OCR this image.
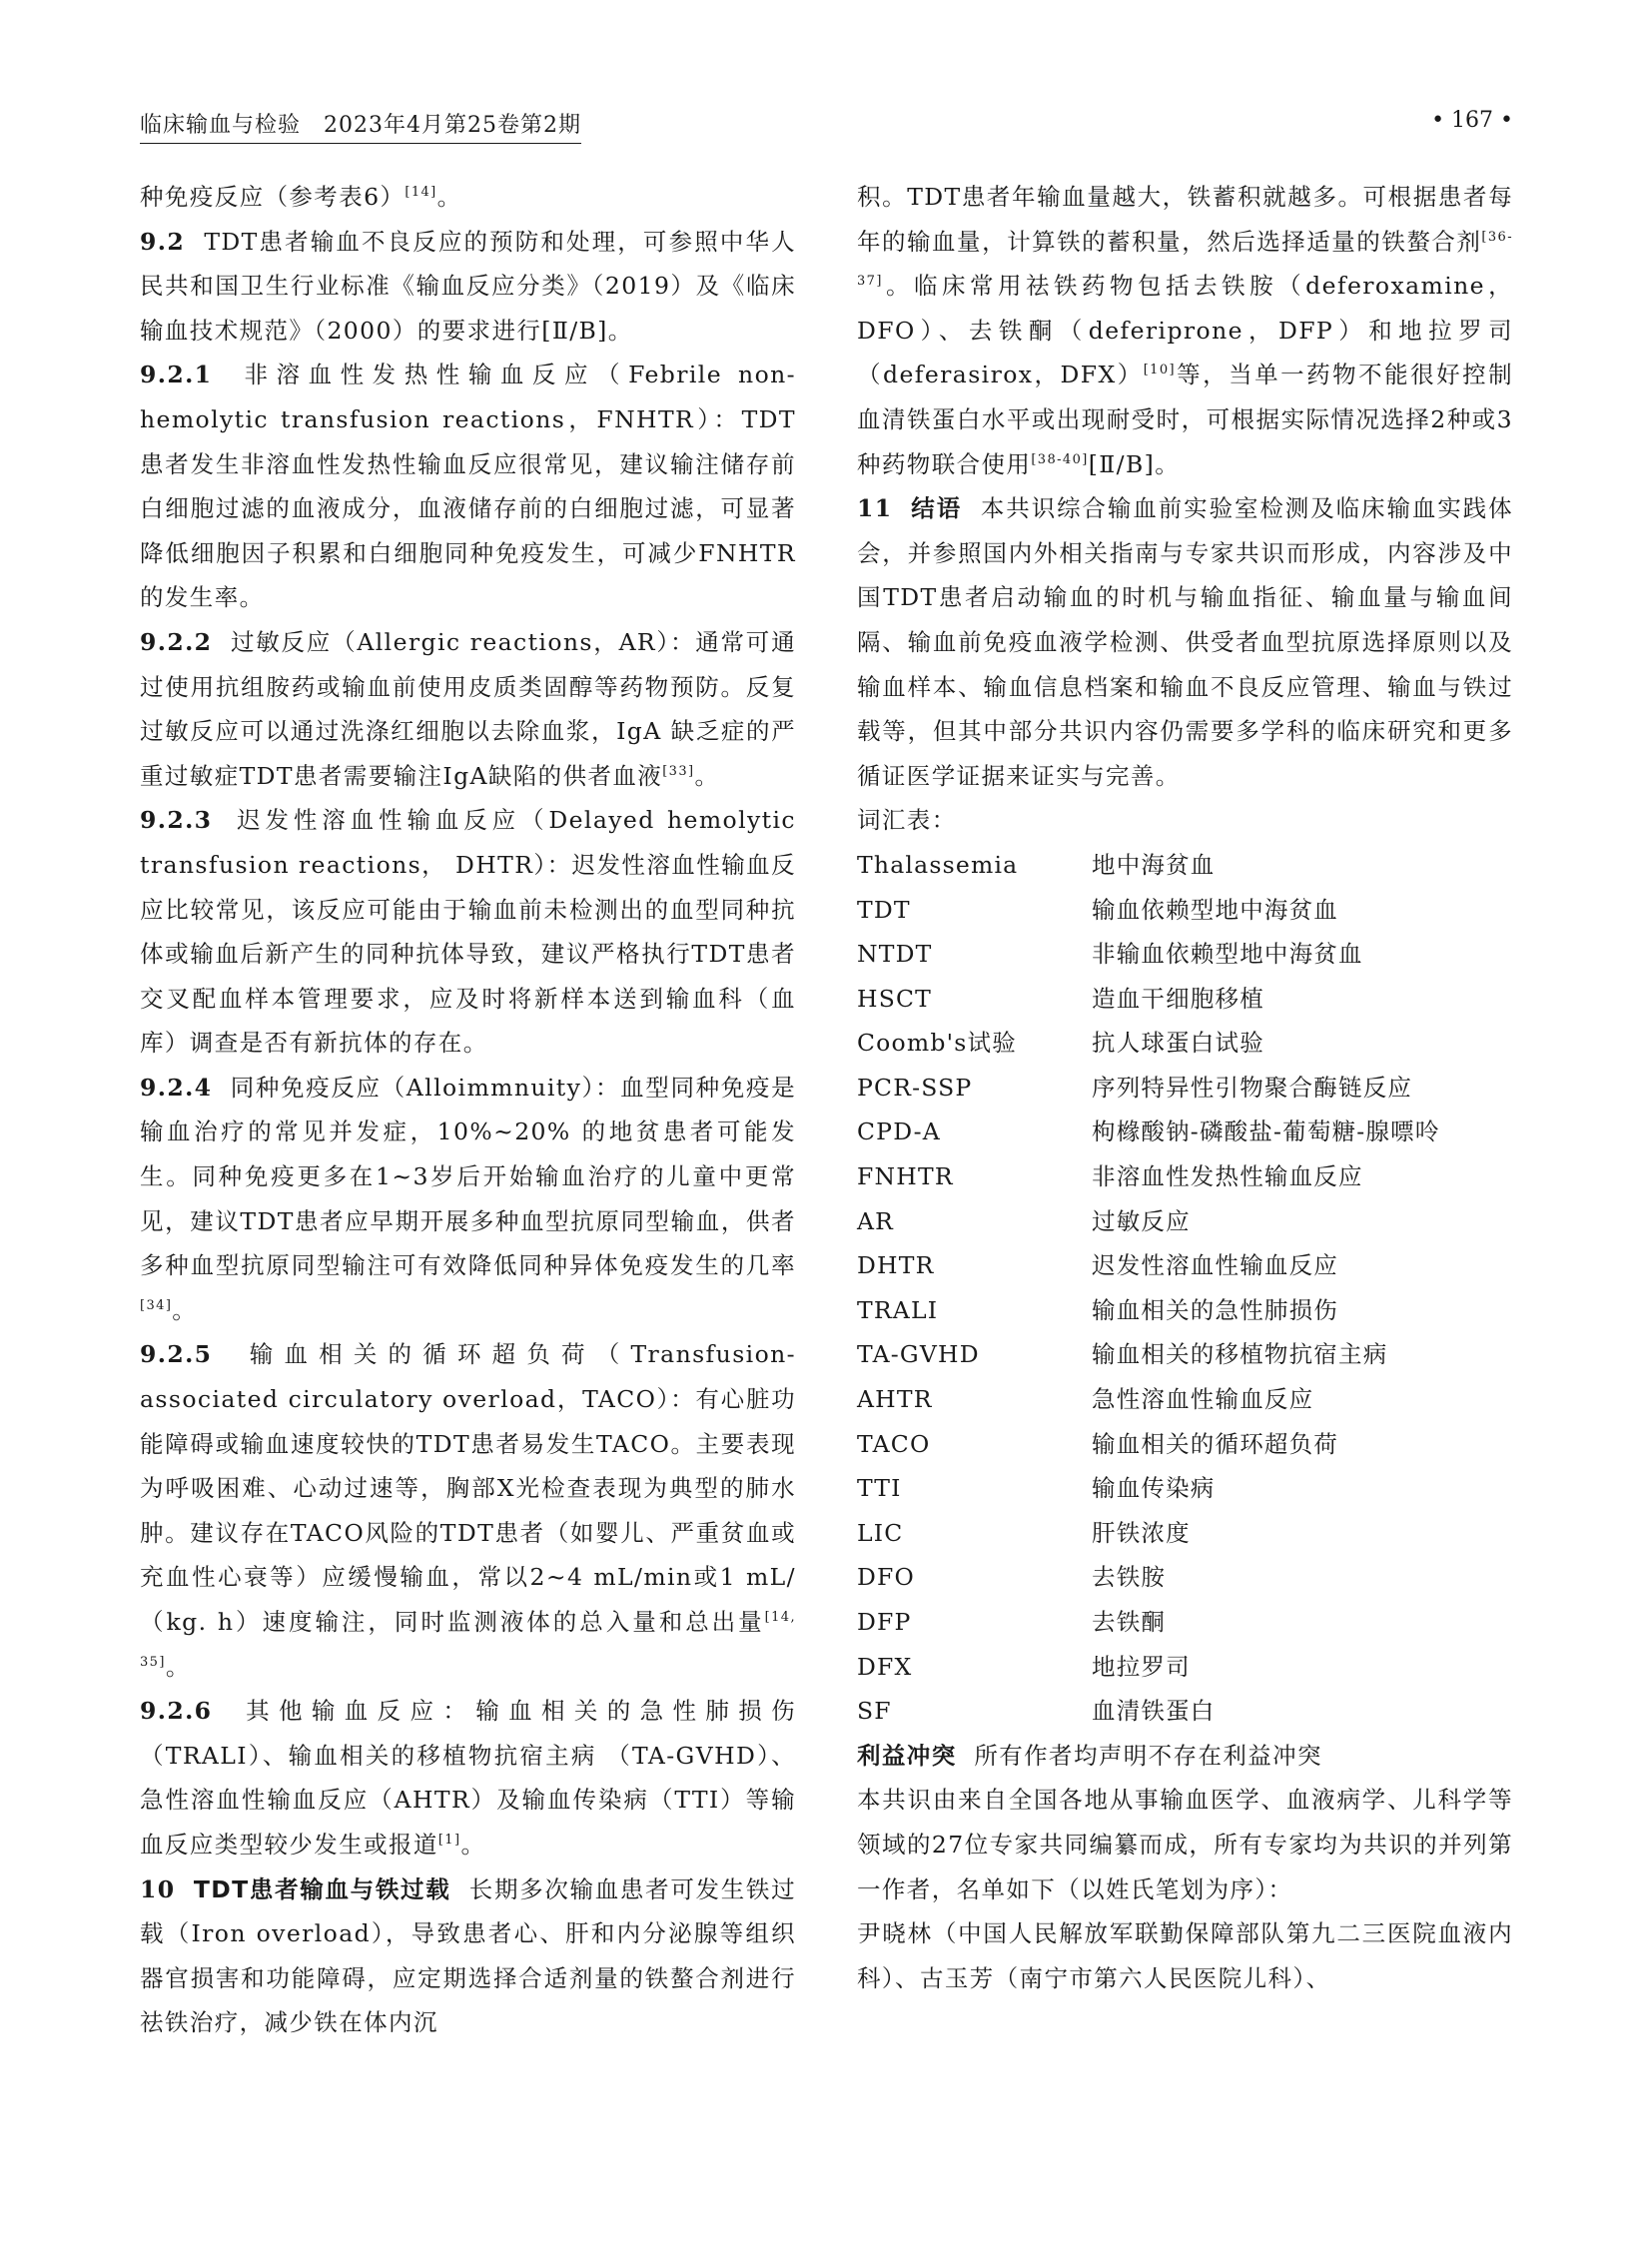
临床输血与检验　2023年4月第25卷第2期	• 167 •

种免疫反应（参考表6）[14]。

9.2 TDT患者输血不良反应的预防和处理，可参照中华人民共和国卫生行业标准《输血反应分类》（2019）及《临床输血技术规范》（2000）的要求进行[Ⅱ/B]。

9.2.1 非溶血性发热性输血反应（Febrile non-hemolytic transfusion reactions，FNHTR）：TDT患者发生非溶血性发热性输血反应很常见，建议输注储存前白细胞过滤的血液成分，血液储存前的白细胞过滤，可显著降低细胞因子积累和白细胞同种免疫发生，可减少FNHTR的发生率。

9.2.2 过敏反应（Allergic reactions，AR）：通常可通过使用抗组胺药或输血前使用皮质类固醇等药物预防。反复过敏反应可以通过洗涤红细胞以去除血浆，IgA 缺乏症的严重过敏症TDT患者需要输注IgA缺陷的供者血液[33]。

9.2.3 迟发性溶血性输血反应（Delayed hemolytic transfusion reactions， DHTR）：迟发性溶血性输血反应比较常见，该反应可能由于输血前未检测出的血型同种抗体或输血后新产生的同种抗体导致，建议严格执行TDT患者交叉配血样本管理要求，应及时将新样本送到输血科（血库）调查是否有新抗体的存在。

9.2.4 同种免疫反应（Alloimmnuity）：血型同种免疫是输血治疗的常见并发症，10%~20% 的地贫患者可能发生。同种免疫更多在1~3岁后开始输血治疗的儿童中更常见，建议TDT患者应早期开展多种血型抗原同型输血，供者多种血型抗原同型输注可有效降低同种异体免疫发生的几率[34]。

9.2.5 输血相关的循环超负荷（Transfusion-associated circulatory overload，TACO）：有心脏功能障碍或输血速度较快的TDT患者易发生TACO。主要表现为呼吸困难、心动过速等，胸部X光检查表现为典型的肺水肿。建议存在TACO风险的TDT患者（如婴儿、严重贫血或充血性心衰等）应缓慢输血，常以2~4 mL/min或1 mL/（kg. h）速度输注，同时监测液体的总入量和总出量[14, 35]。

9.2.6 其他输血反应：输血相关的急性肺损伤（TRALI）、输血相关的移植物抗宿主病 （TA-GVHD）、急性溶血性输血反应（AHTR）及输血传染病（TTI）等输血反应类型较少发生或报道[1]。

10 TDT患者输血与铁过载 长期多次输血患者可发生铁过载（Iron overload），导致患者心、肝和内分泌腺等组织器官损害和功能障碍，应定期选择合适剂量的铁螯合剂进行祛铁治疗，减少铁在体内沉

积。TDT患者年输血量越大，铁蓄积就越多。可根据患者每年的输血量，计算铁的蓄积量，然后选择适量的铁螯合剂[36-37]。临床常用祛铁药物包括去铁胺（deferoxamine，DFO）、去铁酮（deferiprone，DFP）和地拉罗司（deferasirox，DFX）[10]等，当单一药物不能很好控制血清铁蛋白水平或出现耐受时，可根据实际情况选择2种或3种药物联合使用[38-40][Ⅱ/B]。

11 结语 本共识综合输血前实验室检测及临床输血实践体会，并参照国内外相关指南与专家共识而形成，内容涉及中国TDT患者启动输血的时机与输血指征、输血量与输血间隔、输血前免疫血液学检测、供受者血型抗原选择原则以及输血样本、输血信息档案和输血不良反应管理、输血与铁过载等，但其中部分共识内容仍需要多学科的临床研究和更多循证医学证据来证实与完善。

词汇表：

Thalassemia	地中海贫血
TDT	输血依赖型地中海贫血
NTDT	非输血依赖型地中海贫血
HSCT	造血干细胞移植
Coomb's试验	抗人球蛋白试验
PCR-SSP	序列特异性引物聚合酶链反应
CPD-A	枸橼酸钠-磷酸盐-葡萄糖-腺嘌呤
FNHTR	非溶血性发热性输血反应
AR	过敏反应
DHTR	迟发性溶血性输血反应
TRALI	输血相关的急性肺损伤
TA-GVHD	输血相关的移植物抗宿主病
AHTR	急性溶血性输血反应
TACO	输血相关的循环超负荷
TTI	输血传染病
LIC	肝铁浓度
DFO	去铁胺
DFP	去铁酮
DFX	地拉罗司
SF	血清铁蛋白

利益冲突 所有作者均声明不存在利益冲突

本共识由来自全国各地从事输血医学、血液病学、儿科学等领域的27位专家共同编纂而成，所有专家均为共识的并列第一作者，名单如下（以姓氏笔划为序）：

尹晓林（中国人民解放军联勤保障部队第九二三医院血液内科）、古玉芳（南宁市第六人民医院儿科）、
